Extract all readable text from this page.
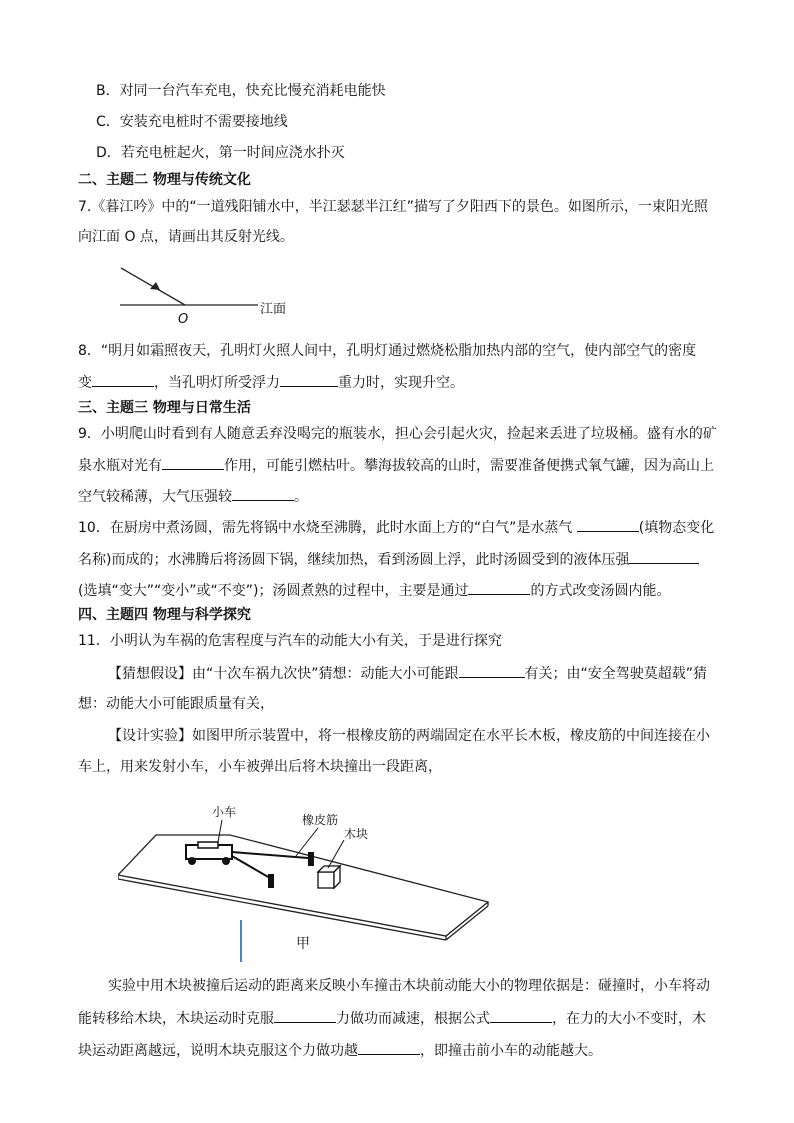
B．对同一台汽车充电，快充比慢充消耗电能快
C．安装充电桩时不需要接地线
D．若充电桩起火，第一时间应浇水扑灭
二、主题二 物理与传统文化
7.《暮江吟》中的“一道残阳铺水中，半江瑟瑟半江红”描写了夕阳西下的景色。如图所示，一束阳光照
向江面 O 点，请画出其反射光线。
O
江面
8．“明月如霜照夜天，孔明灯火照人间中，孔明灯通过燃烧松脂加热内部的空气，使内部空气的密度
变	，当孔明灯所受浮力	重力时，实现升空。
三、主题三 物理与日常生活
9．小明爬山时看到有人随意丢弃没喝完的瓶装水，担心会引起火灾，捡起来丢进了垃圾桶。盛有水的矿
泉水瓶对光有	作用，可能引燃枯叶。攀海拔较高的山时，需要准备便携式氧气罐，因为高山上
空气较稀薄，大气压强较	。
10．在厨房中煮汤圆，需先将锅中水烧至沸腾，此时水面上方的“白气”是水蒸气	(填物态变化
名称)而成的；水沸腾后将汤圆下锅，继续加热，看到汤圆上浮，此时汤圆受到的液体压强
(选填“变大”“变小”或“不变”)；汤圆煮熟的过程中，主要是通过	的方式改变汤圆内能。
四、主题四 物理与科学探究
11．小明认为车祸的危害程度与汽车的动能大小有关，于是进行探究
【猜想假设】由“十次车祸九次快”猜想：动能大小可能跟	有关；由“安全驾驶莫超载”猜
想：动能大小可能跟质量有关，
【设计实验】如图甲所示装置中，将一根橡皮筋的两端固定在水平长木板，橡皮筋的中间连接在小
车上，用来发射小车，小车被弹出后将木块撞出一段距离，
小车
橡皮筋
木块
甲
实验中用木块被撞后运动的距离来反映小车撞击木块前动能大小的物理依据是：碰撞时，小车将动
能转移给木块，木块运动时克服	力做功而减速，根据公式	，在力的大小不变时，木
块运动距离越远，说明木块克服这个力做功越	，即撞击前小车的动能越大。
